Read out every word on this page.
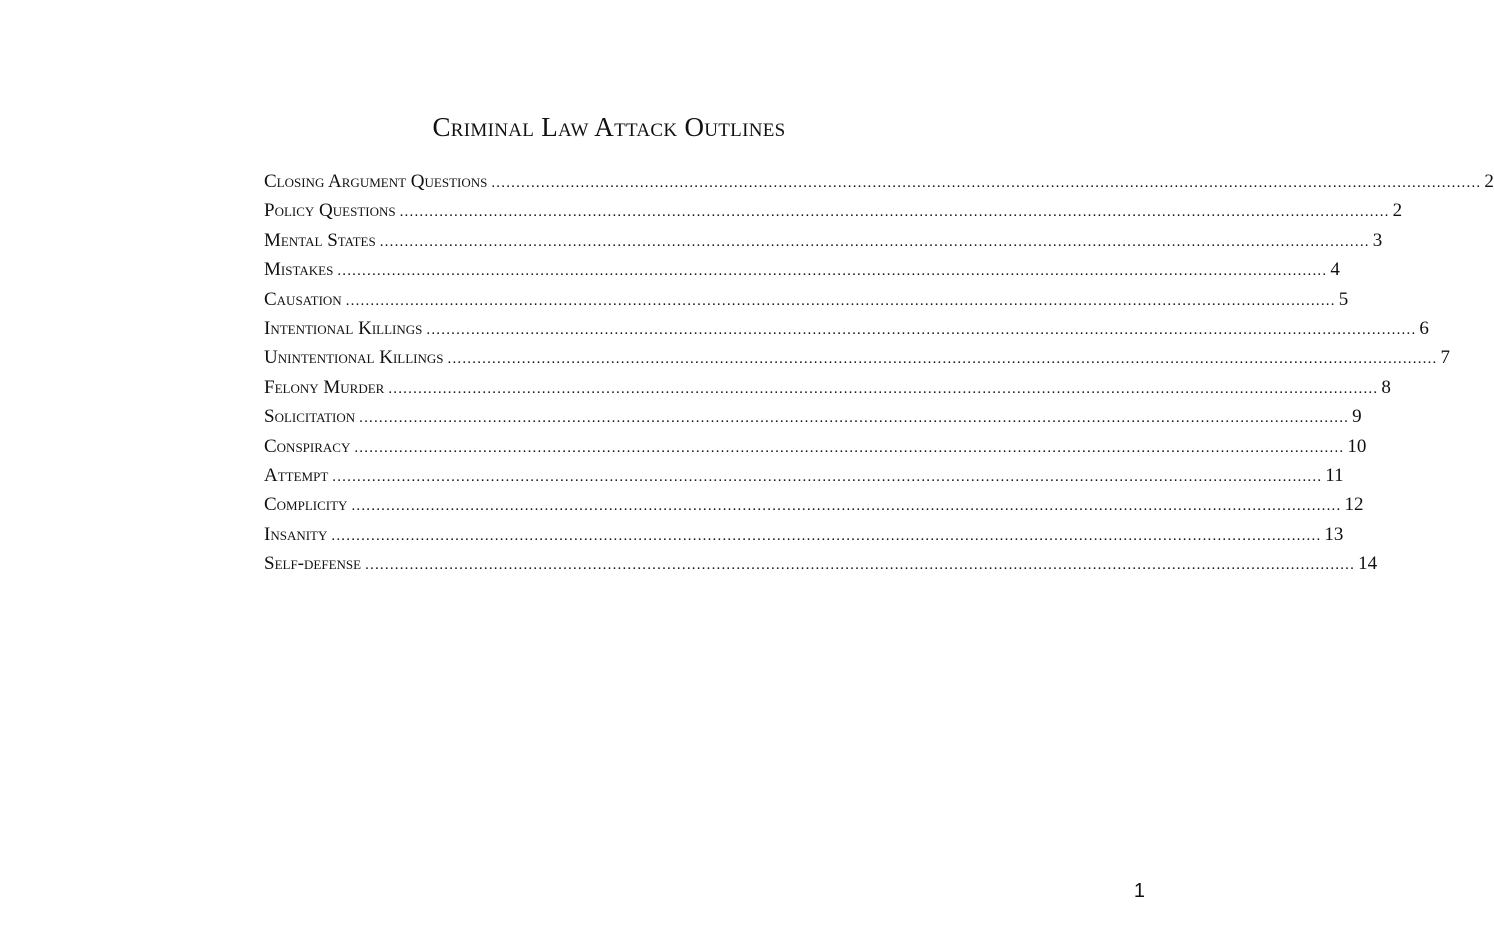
Criminal Law Attack Outlines
Closing Argument Questions ........................................................................................................................................................................................................ 2
Policy Questions ........................................................................................................................................................................................................ 2
Mental States ........................................................................................................................................................................................................ 3
Mistakes ........................................................................................................................................................................................................ 4
Causation ........................................................................................................................................................................................................ 5
Intentional Killings ........................................................................................................................................................................................................ 6
Unintentional Killings ........................................................................................................................................................................................................ 7
Felony Murder ........................................................................................................................................................................................................ 8
Solicitation ........................................................................................................................................................................................................ 9
Conspiracy ........................................................................................................................................................................................................ 10
Attempt ........................................................................................................................................................................................................ 11
Complicity ........................................................................................................................................................................................................ 12
Insanity ........................................................................................................................................................................................................ 13
Self-defense ........................................................................................................................................................................................................ 14
1
